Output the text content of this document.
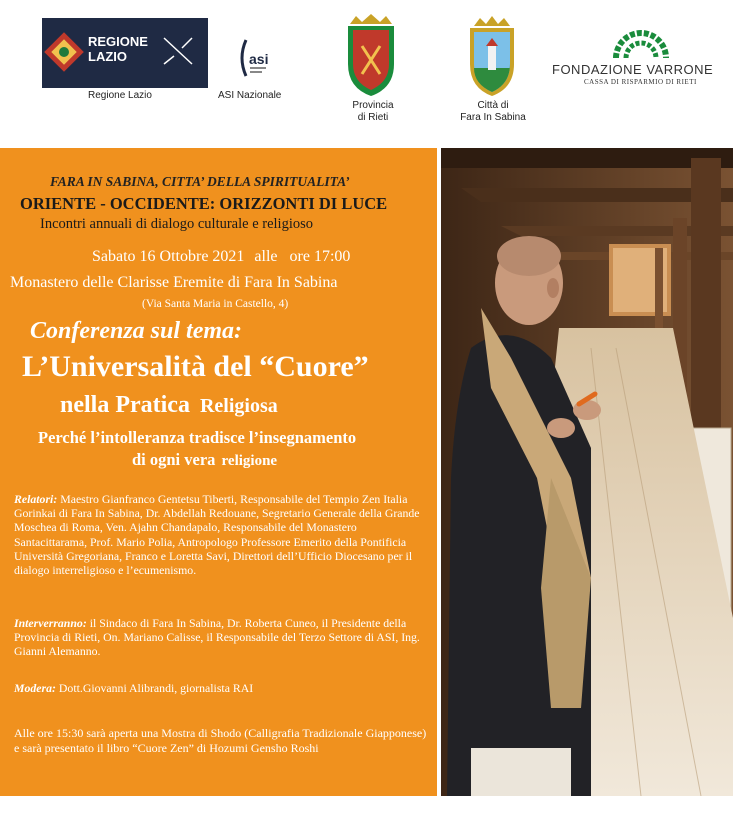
REGIONE
LAZIO
Regione Lazio
asi
ASI Nazionale
Provincia
di Rieti
Città di
Fara In Sabina
FONDAZIONE VARRONE
CASSA DI RISPARMIO DI RIETI
FARA IN SABINA, CITTA’ DELLA SPIRITUALITA’
ORIENTE - OCCIDENTE: ORIZZONTI DI LUCE
Incontri annuali di dialogo culturale e religioso
Sabato 16 Ottobre 2021 alle ore 17:00
Monastero delle Clarisse Eremite di Fara In Sabina
(Via Santa Maria in Castello, 4)
Conferenza sul tema:
L’Universalità del “Cuore”
nella Pratica Religiosa
Perché l’intolleranza tradisce l’insegnamento
di ogni vera religione
Relatori: Maestro Gianfranco Gentetsu Tiberti, Responsabile del Tempio Zen Italia Gorinkai di Fara In Sabina, Dr. Abdellah Redouane, Segretario Generale della Grande Moschea di Roma, Ven. Ajahn Chandapalo, Responsabile del Monastero Santacittarama, Prof. Mario Polia, Antropologo Professore Emerito della Pontificia Università Gregoriana, Franco e Loretta Savi, Direttori dell’Ufficio Diocesano per il dialogo interreligioso e l’ecumenismo.
Interverranno: il Sindaco di Fara In Sabina, Dr. Roberta Cuneo, il Presidente della Provincia di Rieti, On. Mariano Calisse, il Responsabile del Terzo Settore di ASI, Ing. Gianni Alemanno.
Modera: Dott.Giovanni Alibrandi, giornalista RAI
Alle ore 15:30 sarà aperta una Mostra di Shodo (Calligrafia Tradizionale Giapponese) e sarà presentato il libro “Cuore Zen” di Hozumi Gensho Roshi
